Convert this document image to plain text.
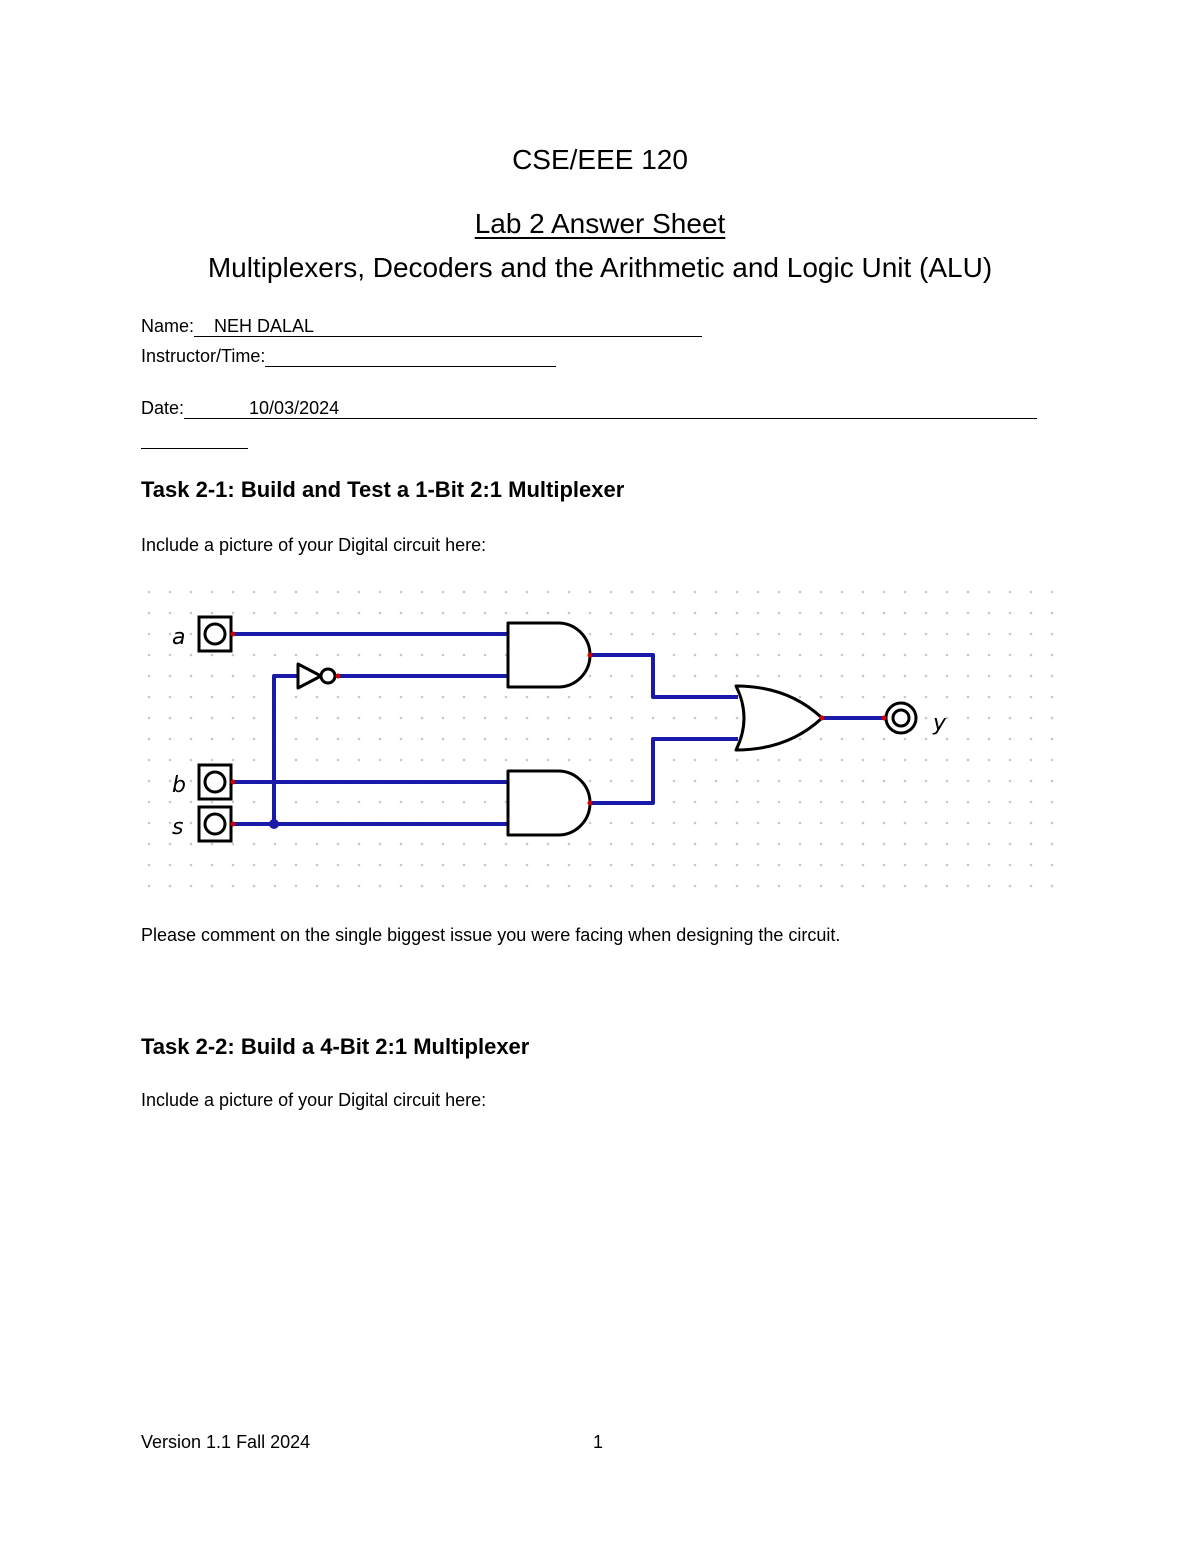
CSE/EEE 120
Lab 2 Answer Sheet
Multiplexers, Decoders and the Arithmetic and Logic Unit (ALU)
Name: NEH DALAL
Instructor/Time:
Date:	10/03/2024
Task 2-1: Build and Test a 1-Bit 2:1 Multiplexer
Include a picture of your Digital circuit here:
a
b
s
y
Please comment on the single biggest issue you were facing when designing the circuit.
Task 2-2: Build a 4-Bit 2:1 Multiplexer
Include a picture of your Digital circuit here:
Version 1.1 Fall 2024	1
